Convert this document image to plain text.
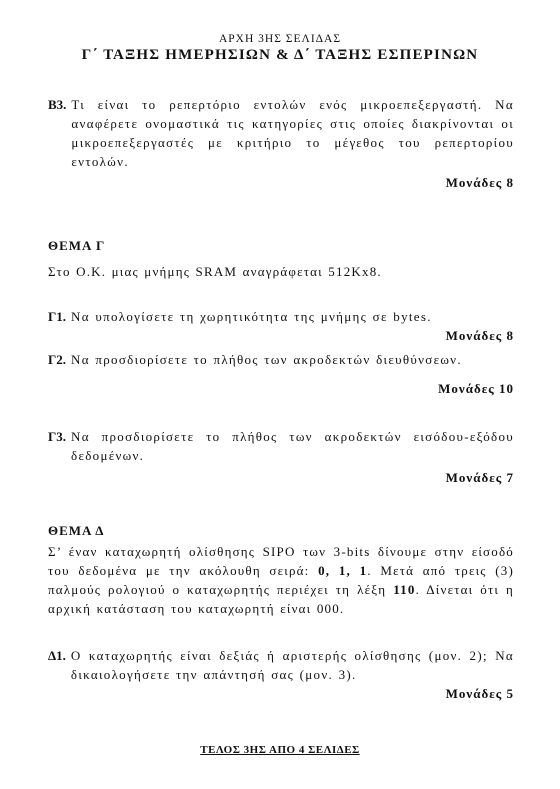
ΑΡΧΗ 3ΗΣ ΣΕΛΙΔΑΣ
Γ΄ ΤΑΞΗΣ ΗΜΕΡΗΣΙΩΝ & Δ΄ ΤΑΞΗΣ ΕΣΠΕΡΙΝΩΝ
B3. Τι είναι το ρεπερτόριο εντολών ενός μικροεπεξεργαστή. Να αναφέρετε ονομαστικά τις κατηγορίες στις οποίες διακρίνονται οι μικροεπεξεργαστές με κριτήριο το μέγεθος του ρεπερτορίου εντολών.
Μονάδες 8
ΘΕΜΑ Γ
Στο Ο.Κ. μιας μνήμης SRAM αναγράφεται 512Kx8.
Γ1. Να υπολογίσετε τη χωρητικότητα της μνήμης σε bytes.
Μονάδες 8
Γ2. Να προσδιορίσετε το πλήθος των ακροδεκτών διευθύνσεων.
Μονάδες 10
Γ3. Να προσδιορίσετε το πλήθος των ακροδεκτών εισόδου-εξόδου δεδομένων.
Μονάδες 7
ΘΕΜΑ Δ
Σ’ έναν καταχωρητή ολίσθησης SIPO των 3-bits δίνουμε στην είσοδό του δεδομένα με την ακόλουθη σειρά: 0, 1, 1. Μετά από τρεις (3) παλμούς ρολογιού ο καταχωρητής περιέχει τη λέξη 110. Δίνεται ότι η αρχική κατάσταση του καταχωρητή είναι 000.
Δ1. Ο καταχωρητής είναι δεξιάς ή αριστερής ολίσθησης (μον. 2); Να δικαιολογήσετε την απάντησή σας (μον. 3).
Μονάδες 5
ΤΕΛΟΣ 3ΗΣ ΑΠΟ 4 ΣΕΛΙΔΕΣ
